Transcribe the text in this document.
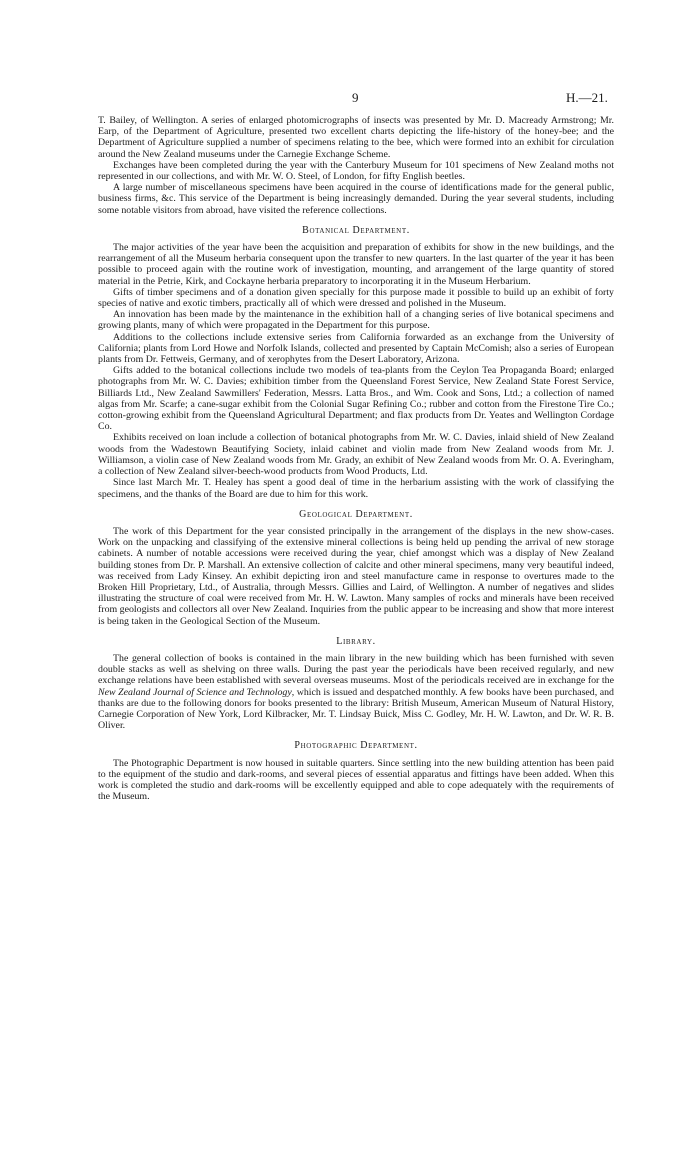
9	H.—21.

T. Bailey, of Wellington. A series of enlarged photomicrographs of insects was presented by Mr. D. Macready Armstrong; Mr. Earp, of the Department of Agriculture, presented two excellent charts depicting the life-history of the honey-bee; and the Department of Agriculture supplied a number of specimens relating to the bee, which were formed into an exhibit for circulation around the New Zealand museums under the Carnegie Exchange Scheme.

Exchanges have been completed during the year with the Canterbury Museum for 101 specimens of New Zealand moths not represented in our collections, and with Mr. W. O. Steel, of London, for fifty English beetles.

A large number of miscellaneous specimens have been acquired in the course of identifications made for the general public, business firms, &c. This service of the Department is being increasingly demanded. During the year several students, including some notable visitors from abroad, have visited the reference collections.

Botanical Department.

The major activities of the year have been the acquisition and preparation of exhibits for show in the new buildings, and the rearrangement of all the Museum herbaria consequent upon the transfer to new quarters. In the last quarter of the year it has been possible to proceed again with the routine work of investigation, mounting, and arrangement of the large quantity of stored material in the Petrie, Kirk, and Cockayne herbaria preparatory to incorporating it in the Museum Herbarium.

Gifts of timber specimens and of a donation given specially for this purpose made it possible to build up an exhibit of forty species of native and exotic timbers, practically all of which were dressed and polished in the Museum.

An innovation has been made by the maintenance in the exhibition hall of a changing series of live botanical specimens and growing plants, many of which were propagated in the Department for this purpose.

Additions to the collections include extensive series from California forwarded as an exchange from the University of California; plants from Lord Howe and Norfolk Islands, collected and presented by Captain McComish; also a series of European plants from Dr. Fettweis, Germany, and of xerophytes from the Desert Laboratory, Arizona.

Gifts added to the botanical collections include two models of tea-plants from the Ceylon Tea Propaganda Board; enlarged photographs from Mr. W. C. Davies; exhibition timber from the Queensland Forest Service, New Zealand State Forest Service, Billiards Ltd., New Zealand Sawmillers' Federation, Messrs. Latta Bros., and Wm. Cook and Sons, Ltd.; a collection of named algas from Mr. Scarfe; a cane-sugar exhibit from the Colonial Sugar Refining Co.; rubber and cotton from the Firestone Tire Co.; cotton-growing exhibit from the Queensland Agricultural Department; and flax products from Dr. Yeates and Wellington Cordage Co.

Exhibits received on loan include a collection of botanical photographs from Mr. W. C. Davies, inlaid shield of New Zealand woods from the Wadestown Beautifying Society, inlaid cabinet and violin made from New Zealand woods from Mr. J. Williamson, a violin case of New Zealand woods from Mr. Grady, an exhibit of New Zealand woods from Mr. O. A. Everingham, a collection of New Zealand silver-beech-wood products from Wood Products, Ltd.

Since last March Mr. T. Healey has spent a good deal of time in the herbarium assisting with the work of classifying the specimens, and the thanks of the Board are due to him for this work.

Geological Department.

The work of this Department for the year consisted principally in the arrangement of the displays in the new show-cases. Work on the unpacking and classifying of the extensive mineral collections is being held up pending the arrival of new storage cabinets. A number of notable accessions were received during the year, chief amongst which was a display of New Zealand building stones from Dr. P. Marshall. An extensive collection of calcite and other mineral specimens, many very beautiful indeed, was received from Lady Kinsey. An exhibit depicting iron and steel manufacture came in response to overtures made to the Broken Hill Proprietary, Ltd., of Australia, through Messrs. Gillies and Laird, of Wellington. A number of negatives and slides illustrating the structure of coal were received from Mr. H. W. Lawton. Many samples of rocks and minerals have been received from geologists and collectors all over New Zealand. Inquiries from the public appear to be increasing and show that more interest is being taken in the Geological Section of the Museum.

Library.

The general collection of books is contained in the main library in the new building which has been furnished with seven double stacks as well as shelving on three walls. During the past year the periodicals have been received regularly, and new exchange relations have been established with several overseas museums. Most of the periodicals received are in exchange for the New Zealand Journal of Science and Technology, which is issued and despatched monthly. A few books have been purchased, and thanks are due to the following donors for books presented to the library: British Museum, American Museum of Natural History, Carnegie Corporation of New York, Lord Kilbracker, Mr. T. Lindsay Buick, Miss C. Godley, Mr. H. W. Lawton, and Dr. W. R. B. Oliver.

Photographic Department.

The Photographic Department is now housed in suitable quarters. Since settling into the new building attention has been paid to the equipment of the studio and dark-rooms, and several pieces of essential apparatus and fittings have been added. When this work is completed the studio and dark-rooms will be excellently equipped and able to cope adequately with the requirements of the Museum.
